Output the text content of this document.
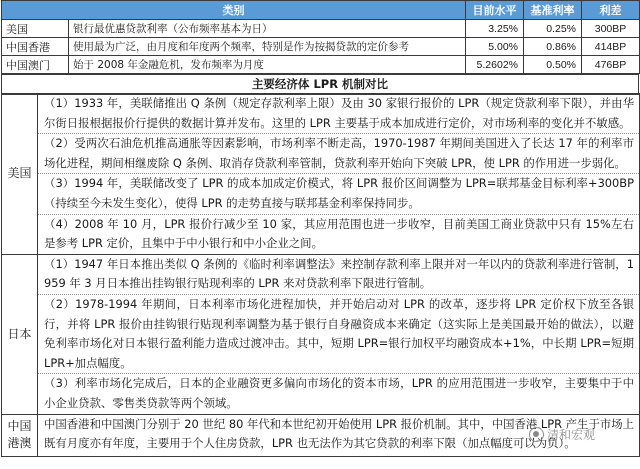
类别		目前水平	基准利率	利差
美国	银行最优惠贷款利率（公布频率基本为日）	3.25%	0.25%	300BP
中国香港	使用最为广泛，由月度和年度两个频率，特别是作为按揭贷款的定价参考	5.00%	0.86%	414BP
中国澳门	始于 2008 年金融危机，发布频率为月度	5.2602%	0.50%	476BP
主要经济体 LPR 机制对比
美国	（1）1933 年，美联储推出 Q 条例（规定存款利率上限）及由 30 家银行报价的 LPR（规定贷款利率下限），并由华尔街日报根据报价行提供的数据计算并发布。这里的 LPR 主要基于成本加成进行定价，对市场利率的变化并不敏感。
（2）受两次石油危机推高通胀等因素影响，市场利率不断走高，1970-1987 年期间美国进入了长达 17 年的利率市场化进程，期间相继废除 Q 条例、取消存贷款利率管制，贷款利率开始向下突破 LPR，使 LPR 的作用进一步弱化。
（3）1994 年，美联储改变了 LPR 的成本加成定价模式，将 LPR 报价区间调整为 LPR=联邦基金目标利率+300BP（持续至今未发生变化），使得 LPR 的走势直接与联邦基金利率保持同步。
（4）2008 年 10 月，LPR 报价行减少至 10 家，其应用范围也进一步收窄，目前美国工商业贷款中只有 15%左右是参考 LPR 定价，且集中于中小银行和中小企业之间。

日本	（1）1947 年日本推出类似 Q 条例的《临时利率调整法》来控制存款利率上限并对一年以内的贷款利率进行管制，1959 年 3 月日本推出挂钩银行贴现利率的 LPR 来对贷款利率下限进行管制。
（2）1978-1994 年期间，日本利率市场化进程加快，并开始启动对 LPR 的改革，逐步将 LPR 定价权下放至各银行，并将 LPR 报价由挂钩银行贴现利率调整为基于银行自身融资成本来确定（这实际上是美国最开始的做法），以避免利率市场化对日本银行盈利能力造成过渡冲击。其中，短期 LPR=银行加权平均融资成本+1%，中长期 LPR=短期 LPR+加点幅度。
（3）利率市场化完成后，日本的企业融资更多偏向市场化的资本市场，LPR 的应用范围进一步收窄，主要集中于中小企业贷款、零售类贷款等两个领域。

中国港澳	中国香港和中国澳门分别于 20 世纪 80 年代和本世纪初开始使用 LPR 报价机制。其中，中国香港 LPR 产生于市场上既有月度亦有年度，主要用于个人住房贷款，LPR 也无法作为其它贷款的利率下限（加点幅度可以为负）。
清和宏观
